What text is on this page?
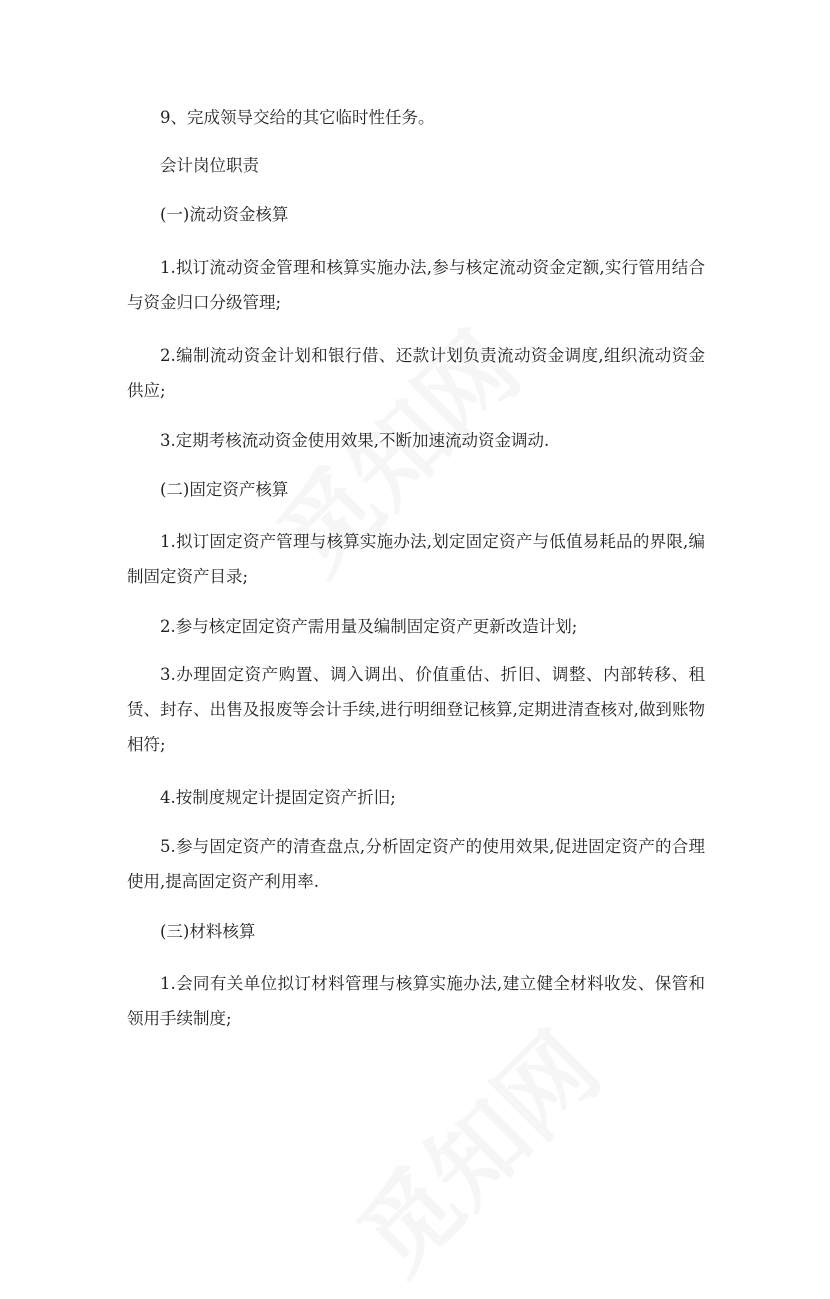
9、完成领导交给的其它临时性任务。

会计岗位职责

(一)流动资金核算

1.拟订流动资金管理和核算实施办法,参与核定流动资金定额,实行管用结合与资金归口分级管理;

2.编制流动资金计划和银行借、还款计划负责流动资金调度,组织流动资金供应;

3.定期考核流动资金使用效果,不断加速流动资金调动.

(二)固定资产核算

1.拟订固定资产管理与核算实施办法,划定固定资产与低值易耗品的界限,编制固定资产目录;

2.参与核定固定资产需用量及编制固定资产更新改造计划;

3.办理固定资产购置、调入调出、价值重估、折旧、调整、内部转移、租赁、封存、出售及报废等会计手续,进行明细登记核算,定期进清查核对,做到账物相符;

4.按制度规定计提固定资产折旧;

5.参与固定资产的清查盘点,分析固定资产的使用效果,促进固定资产的合理使用,提高固定资产利用率.

(三)材料核算

1.会同有关单位拟订材料管理与核算实施办法,建立健全材料收发、保管和领用手续制度;
